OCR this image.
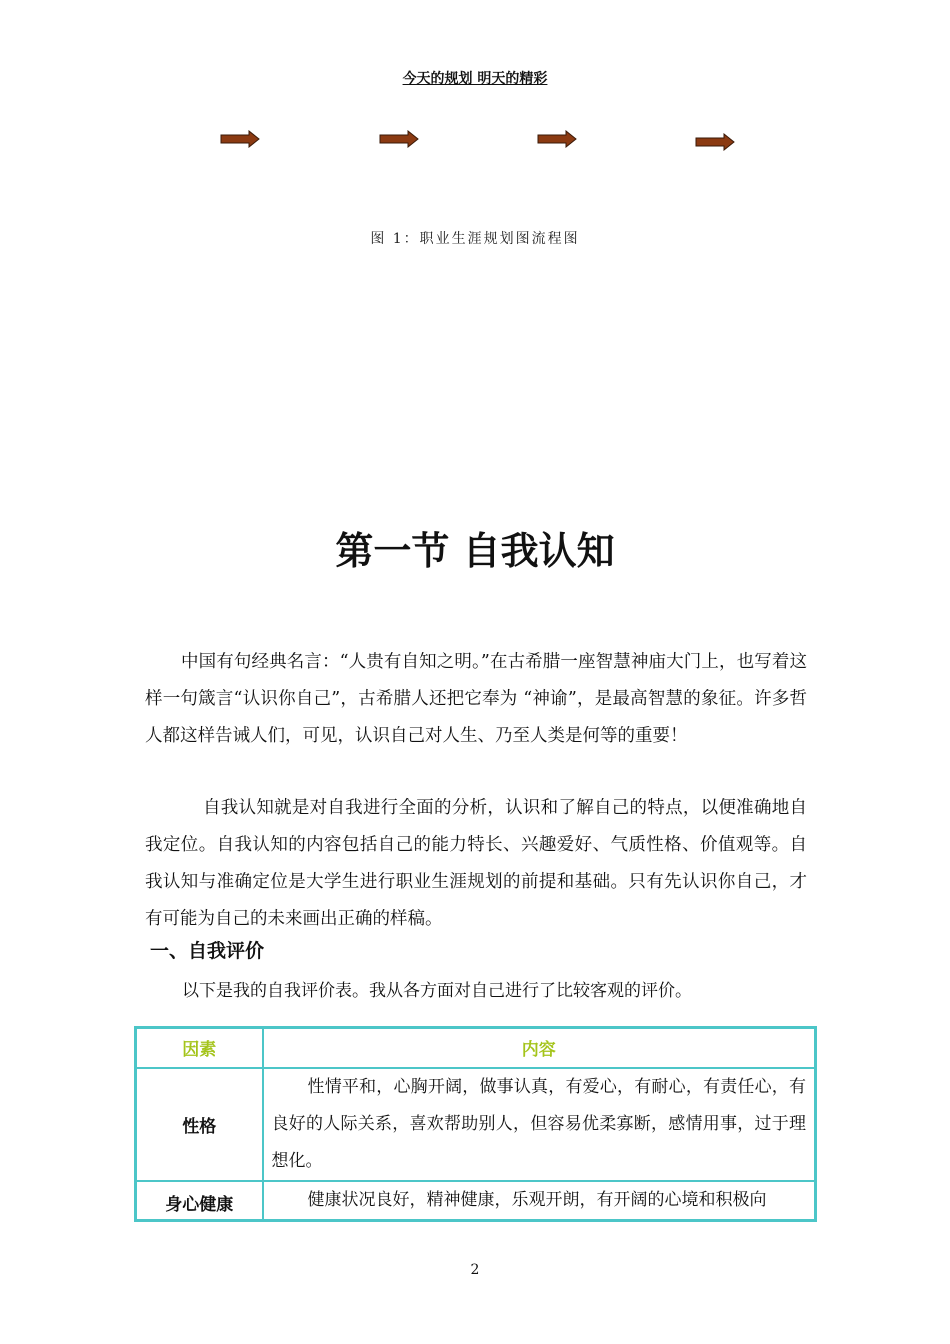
今天的规划 明天的精彩
图 1：职业生涯规划图流程图
第一节 自我认知

中国有句经典名言：“人贵有自知之明。”在古希腊一座智慧神庙大门上，也写着这样一句箴言“认识你自己”，古希腊人还把它奉为 “神谕”，是最高智慧的象征。许多哲人都这样告诫人们，可见，认识自己对人生、乃至人类是何等的重要！

自我认知就是对自我进行全面的分析，认识和了解自己的特点，以便准确地自我定位。自我认知的内容包括自己的能力特长、兴趣爱好、气质性格、价值观等。自我认知与准确定位是大学生进行职业生涯规划的前提和基础。只有先认识你自己，才有可能为自己的未来画出正确的样稿。

一、自我评价
以下是我的自我评价表。我从各方面对自己进行了比较客观的评价。
因素	内容
性格	性情平和，心胸开阔，做事认真，有爱心，有耐心，有责任心，有良好的人际关系，喜欢帮助别人，但容易优柔寡断，感情用事，过于理想化。
身心健康	健康状况良好，精神健康，乐观开朗，有开阔的心境和积极向
2
